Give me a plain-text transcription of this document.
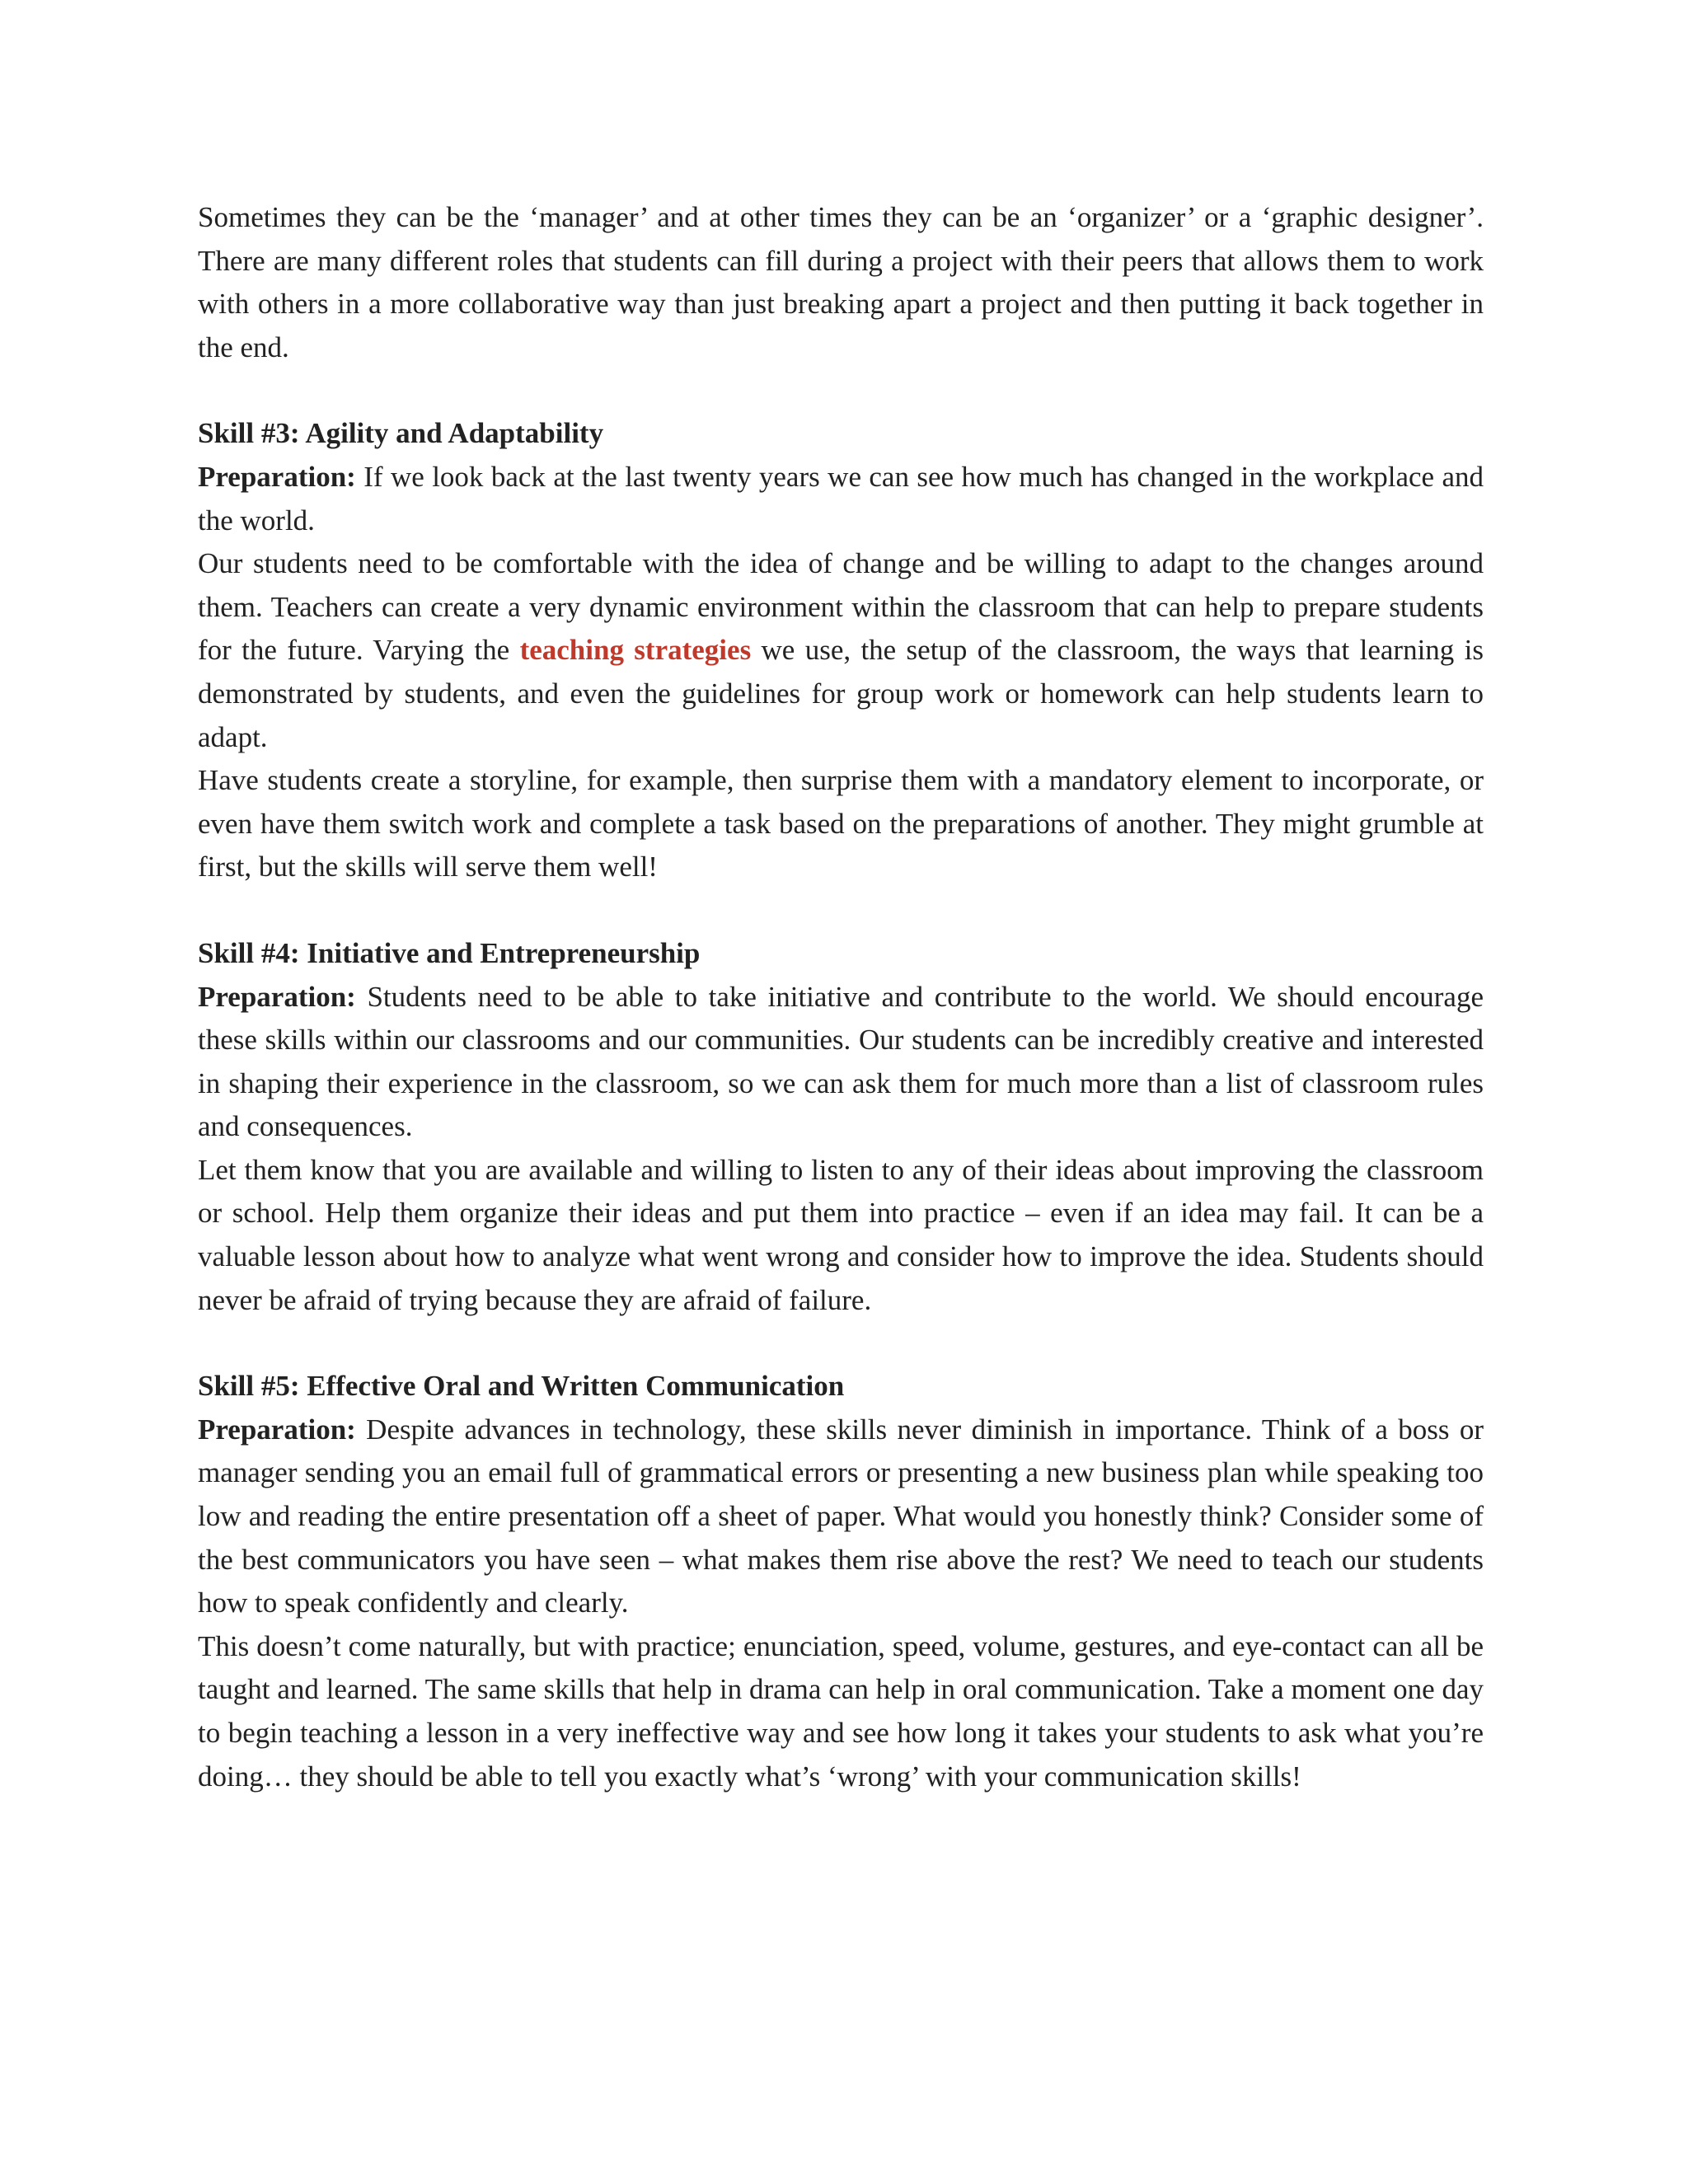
Sometimes they can be the ‘manager’ and at other times they can be an ‘organizer’ or a ‘graphic designer’. There are many different roles that students can fill during a project with their peers that allows them to work with others in a more collaborative way than just breaking apart a project and then putting it back together in the end.

Skill #3: Agility and Adaptability

Preparation: If we look back at the last twenty years we can see how much has changed in the workplace and the world.

Our students need to be comfortable with the idea of change and be willing to adapt to the changes around them. Teachers can create a very dynamic environment within the classroom that can help to prepare students for the future. Varying the teaching strategies we use, the setup of the classroom, the ways that learning is demonstrated by students, and even the guidelines for group work or homework can help students learn to adapt.

Have students create a storyline, for example, then surprise them with a mandatory element to incorporate, or even have them switch work and complete a task based on the preparations of another. They might grumble at first, but the skills will serve them well!

Skill #4: Initiative and Entrepreneurship

Preparation: Students need to be able to take initiative and contribute to the world. We should encourage these skills within our classrooms and our communities. Our students can be incredibly creative and interested in shaping their experience in the classroom, so we can ask them for much more than a list of classroom rules and consequences.

Let them know that you are available and willing to listen to any of their ideas about improving the classroom or school. Help them organize their ideas and put them into practice – even if an idea may fail. It can be a valuable lesson about how to analyze what went wrong and consider how to improve the idea. Students should never be afraid of trying because they are afraid of failure.

Skill #5: Effective Oral and Written Communication

Preparation: Despite advances in technology, these skills never diminish in importance. Think of a boss or manager sending you an email full of grammatical errors or presenting a new business plan while speaking too low and reading the entire presentation off a sheet of paper. What would you honestly think? Consider some of the best communicators you have seen – what makes them rise above the rest? We need to teach our students how to speak confidently and clearly.

This doesn’t come naturally, but with practice; enunciation, speed, volume, gestures, and eye-contact can all be taught and learned. The same skills that help in drama can help in oral communication. Take a moment one day to begin teaching a lesson in a very ineffective way and see how long it takes your students to ask what you’re doing… they should be able to tell you exactly what’s ‘wrong’ with your communication skills!
